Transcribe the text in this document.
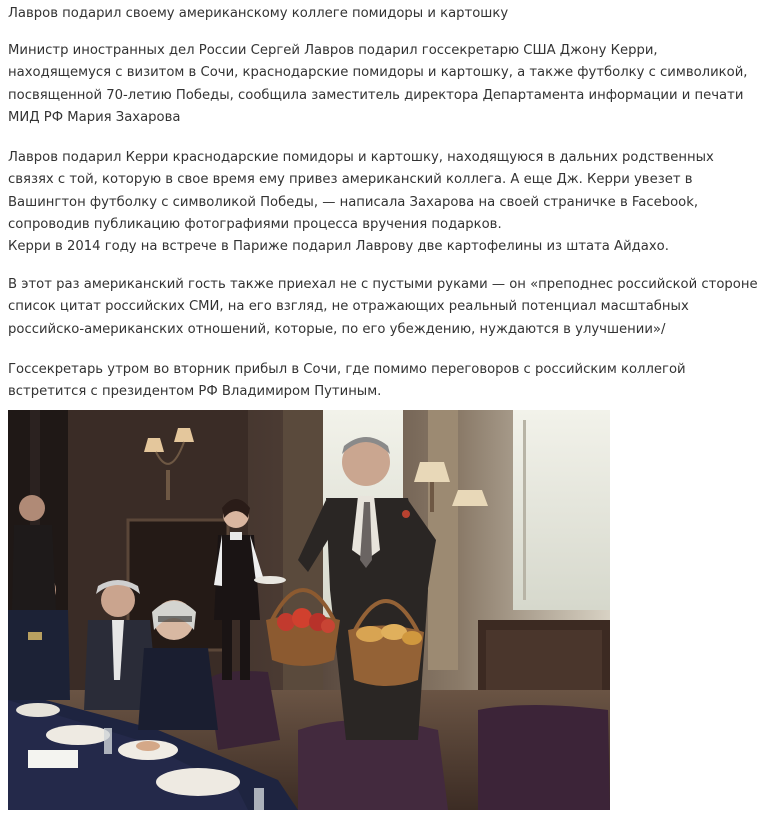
Лавров подарил своему американскому коллеге помидоры и картошку

Министр иностранных дел России Сергей Лавров подарил госсекретарю США Джону Керри,
находящемуся с визитом в Сочи, краснодарские помидоры и картошку, а также футболку с символикой,
посвященной 70-летию Победы, сообщила заместитель директора Департамента информации и печати
МИД РФ Мария Захарова

Лавров подарил Керри краснодарские помидоры и картошку, находящуюся в дальних родственных
связях с той, которую в свое время ему привез американский коллега. А еще Дж. Керри увезет в
Вашингтон футболку с символикой Победы, — написала Захарова на своей страничке в Facebook,
сопроводив публикацию фотографиями процесса вручения подарков.
Керри в 2014 году на встрече в Париже подарил Лаврову две картофелины из штата Айдахо.

В этот раз американский гость также приехал не с пустыми руками — он «преподнес российской стороне
список цитат российских СМИ, на его взгляд, не отражающих реальный потенциал масштабных
российско-американских отношений, которые, по его убеждению, нуждаются в улучшении»/

Госсекретарь утром во вторник прибыл в Сочи, где помимо переговоров с российским коллегой
встретится с президентом РФ Владимиром Путиным.
